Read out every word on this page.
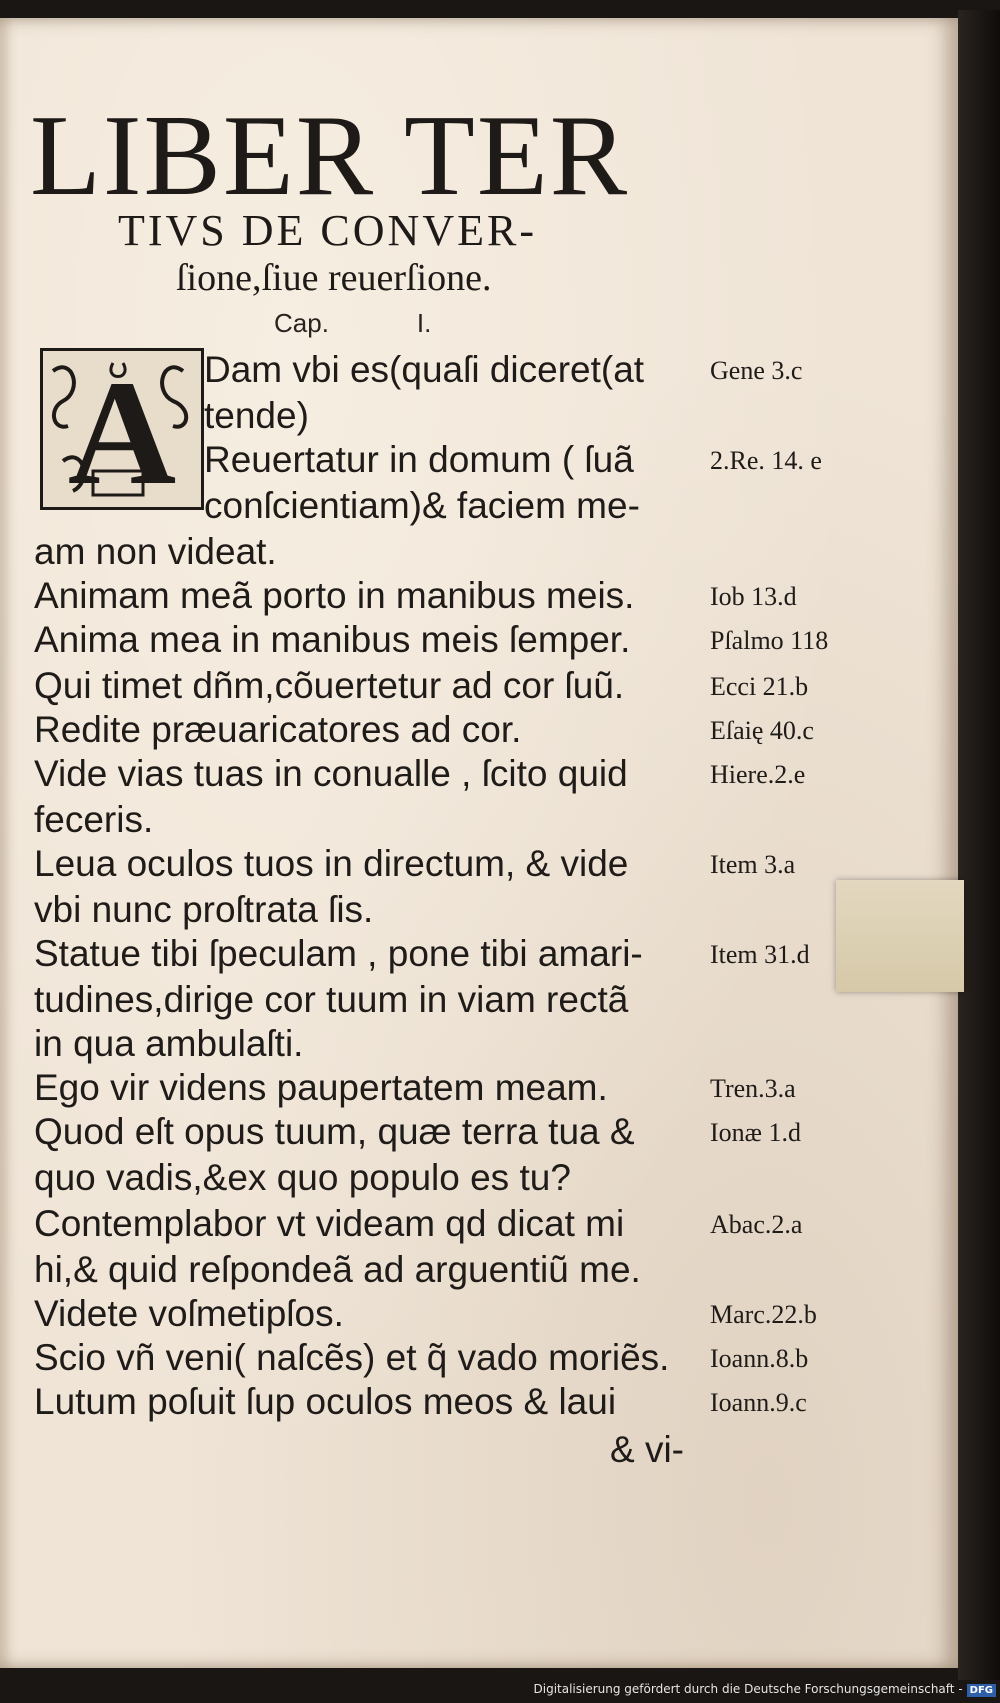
LIBER TER
TIVS DE CONVER-
ſione,ſiue reuerſione.
Cap.	I.
A Dam vbi es(quaſi diceret(at	Gene 3.c
tende)
Reuertatur in domum ( ſuã	2.Re. 14. e
conſcientiam)& faciem me-
am non videat.
Animam meã porto in manibus meis.	Iob 13.d
Anima mea in manibus meis ſemper.	Pſalmo 118
Qui timet dñm,cõuertetur ad cor ſuũ.	Ecci 21.b
Redite præuaricatores ad cor.	Eſaię 40.c
Vide vias tuas in conualle , ſcito quid	Hiere.2.e
feceris.
Leua oculos tuos in directum, & vide	Item 3.a
vbi nunc proſtrata ſis.
Statue tibi ſpeculam , pone tibi amari-	Item 31.d
tudines,dirige cor tuum in viam rectã
in qua ambulaſti.
Ego vir videns paupertatem meam.	Tren.3.a
Quod eſt opus tuum, quæ terra tua &	Ionæ 1.d
quo vadis,&ex quo populo es tu?
Contemplabor vt videam qd dicat mi	Abac.2.a
hi,& quid reſpondeã ad arguentiũ me.
Videte voſmetipſos.	Marc.22.b
Scio vñ veni( naſcẽs) et q̃ vado moriẽs.	Ioann.8.b
Lutum poſuit ſup oculos meos & laui	Ioann.9.c
& vi-
Digitalisierung gefördert durch die Deutsche Forschungsgemeinschaft - DFG
